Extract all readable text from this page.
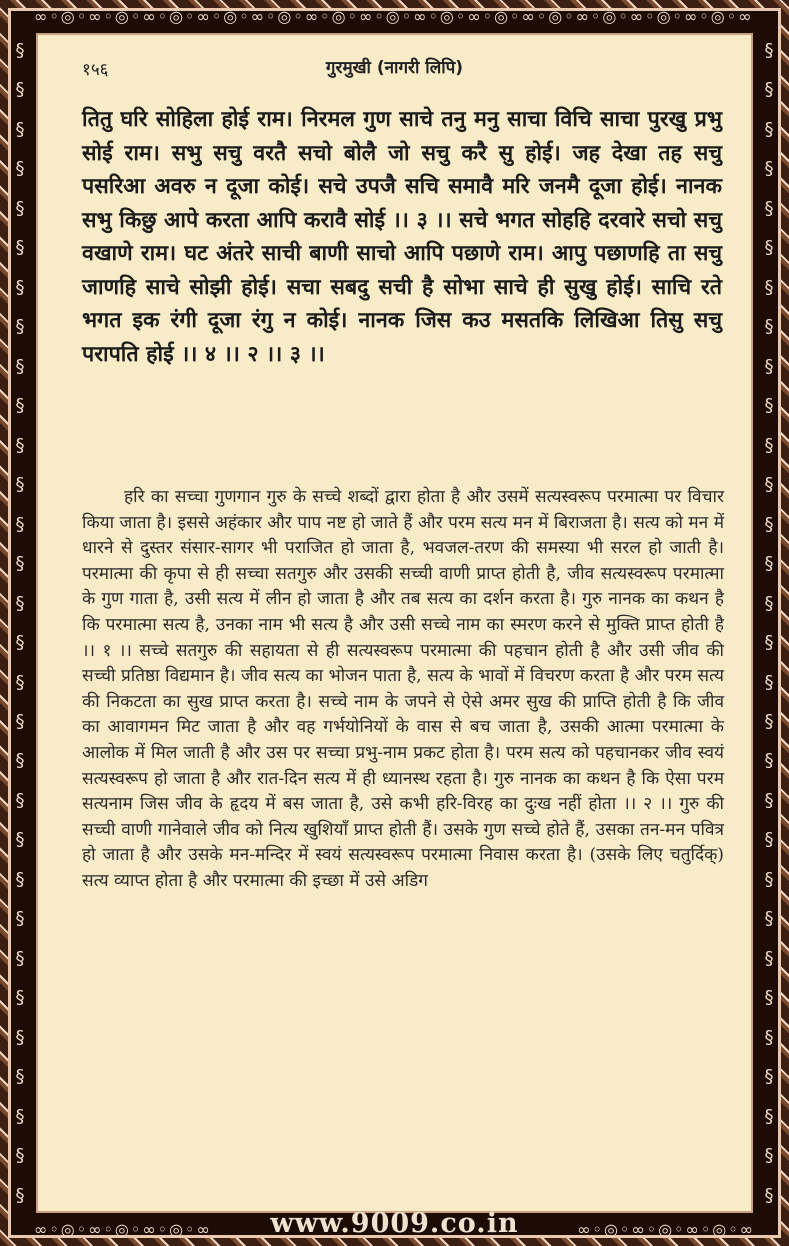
∞◦◎◦∞◦◎◦∞◦◎◦∞◦◎◦∞◦◎◦∞◦◎◦∞◦◎◦∞◦◎◦∞◦◎◦∞◦◎◦∞◦◎◦∞◦◎◦∞◦◎◦∞
∞◦◎◦∞◦◎◦∞◦◎◦∞	∞◦◎◦∞◦◎◦∞◦◎◦∞
§
§
§
§
§
§
§
§
§
§
§
§
§
§
§
§
§
§
§
§
§
§
§
§
§
§
§
§
§
§
§
§
§
§
§
§
§
§
§
§
§
§
§
§
§
§
§
§
§
§
§
§
§
§
§
§
§
§
§
§
१५६	गुरमुखी (नागरी लिपि)
तितु घरि सोहिला होई राम। निरमल गुण साचे तनु मनु साचा विचि साचा पुरखु प्रभु सोई राम। सभु सचु वरतै सचो बोलै जो सचु करै सु होई। जह देखा तह सचु पसरिआ अवरु न दूजा कोई। सचे उपजै सचि समावै मरि जनमै दूजा होई। नानक सभु किछु आपे करता आपि करावै सोई ।। ३ ।। सचे भगत सोहहि दरवारे सचो सचु वखाणे राम। घट अंतरे साची बाणी साचो आपि पछाणे राम। आपु पछाणहि ता सचु जाणहि साचे सोझी होई। सचा सबदु सची है सोभा साचे ही सुखु होई। साचि रते भगत इक रंगी दूजा रंगु न कोई। नानक जिस कउ मसतकि लिखिआ तिसु सचु परापति होई ।। ४ ।। २ ।। ३ ।।
हरि का सच्चा गुणगान गुरु के सच्चे शब्दों द्वारा होता है और उसमें सत्यस्वरूप परमात्मा पर विचार किया जाता है। इससे अहंकार और पाप नष्ट हो जाते हैं और परम सत्य मन में बिराजता है। सत्य को मन में धारने से दुस्तर संसार-सागर भी पराजित हो जाता है, भवजल-तरण की समस्या भी सरल हो जाती है। परमात्मा की कृपा से ही सच्चा सतगुरु और उसकी सच्ची वाणी प्राप्त होती है, जीव सत्यस्वरूप परमात्मा के गुण गाता है, उसी सत्य में लीन हो जाता है और तब सत्य का दर्शन करता है। गुरु नानक का कथन है कि परमात्मा सत्य है, उनका नाम भी सत्य है और उसी सच्चे नाम का स्मरण करने से मुक्ति प्राप्त होती है ।। १ ।। सच्चे सतगुरु की सहायता से ही सत्यस्वरूप परमात्मा की पहचान होती है और उसी जीव की सच्ची प्रतिष्ठा विद्यमान है। जीव सत्य का भोजन पाता है, सत्य के भावों में विचरण करता है और परम सत्य की निकटता का सुख प्राप्त करता है। सच्चे नाम के जपने से ऐसे अमर सुख की प्राप्ति होती है कि जीव का आवागमन मिट जाता है और वह गर्भयोनियों के वास से बच जाता है, उसकी आत्मा परमात्मा के आलोक में मिल जाती है और उस पर सच्चा प्रभु-नाम प्रकट होता है। परम सत्य को पहचानकर जीव स्वयं सत्यस्वरूप हो जाता है और रात-दिन सत्य में ही ध्यानस्थ रहता है। गुरु नानक का कथन है कि ऐसा परम सत्यनाम जिस जीव के हृदय में बस जाता है, उसे कभी हरि-विरह का दुःख नहीं होता ।। २ ।। गुरु की सच्ची वाणी गानेवाले जीव को नित्य खुशियाँ प्राप्त होती हैं। उसके गुण सच्चे होते हैं, उसका तन-मन पवित्र हो जाता है और उसके मन-मन्दिर में स्वयं सत्यस्वरूप परमात्मा निवास करता है। (उसके लिए चतुर्दिक्) सत्य व्याप्त होता है और परमात्मा की इच्छा में उसे अडिग
www.9009.co.in
